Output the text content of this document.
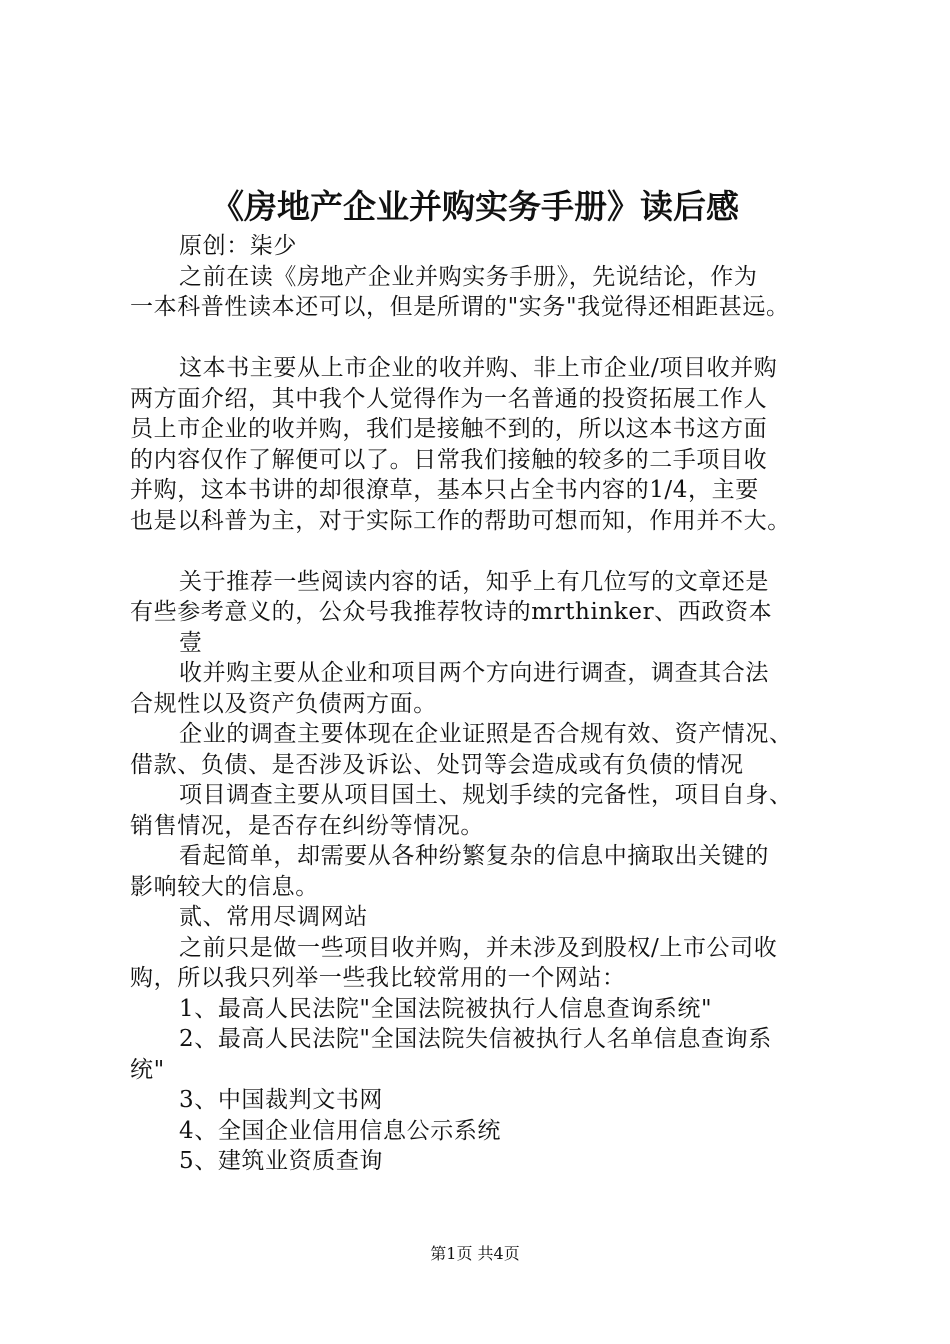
《房地产企业并购实务手册》读后感
原创：柒少
之前在读《房地产企业并购实务手册》，先说结论，作为
一本科普性读本还可以，但是所谓的"实务"我觉得还相距甚远。
这本书主要从上市企业的收并购、非上市企业/项目收并购
两方面介绍，其中我个人觉得作为一名普通的投资拓展工作人
员上市企业的收并购，我们是接触不到的，所以这本书这方面
的内容仅作了解便可以了。日常我们接触的较多的二手项目收
并购，这本书讲的却很潦草，基本只占全书内容的1/4，主要
也是以科普为主，对于实际工作的帮助可想而知，作用并不大。
关于推荐一些阅读内容的话，知乎上有几位写的文章还是
有些参考意义的，公众号我推荐牧诗的mrthinker、西政资本
壹
收并购主要从企业和项目两个方向进行调查，调查其合法
合规性以及资产负债两方面。
企业的调查主要体现在企业证照是否合规有效、资产情况、
借款、负债、是否涉及诉讼、处罚等会造成或有负债的情况
项目调查主要从项目国土、规划手续的完备性，项目自身、
销售情况，是否存在纠纷等情况。
看起简单，却需要从各种纷繁复杂的信息中摘取出关键的
影响较大的信息。
贰、常用尽调网站
之前只是做一些项目收并购，并未涉及到股权/上市公司收
购，所以我只列举一些我比较常用的一个网站：
1、最高人民法院"全国法院被执行人信息查询系统"
2、最高人民法院"全国法院失信被执行人名单信息查询系
统"
3、中国裁判文书网
4、全国企业信用信息公示系统
5、建筑业资质查询
第1页 共4页
